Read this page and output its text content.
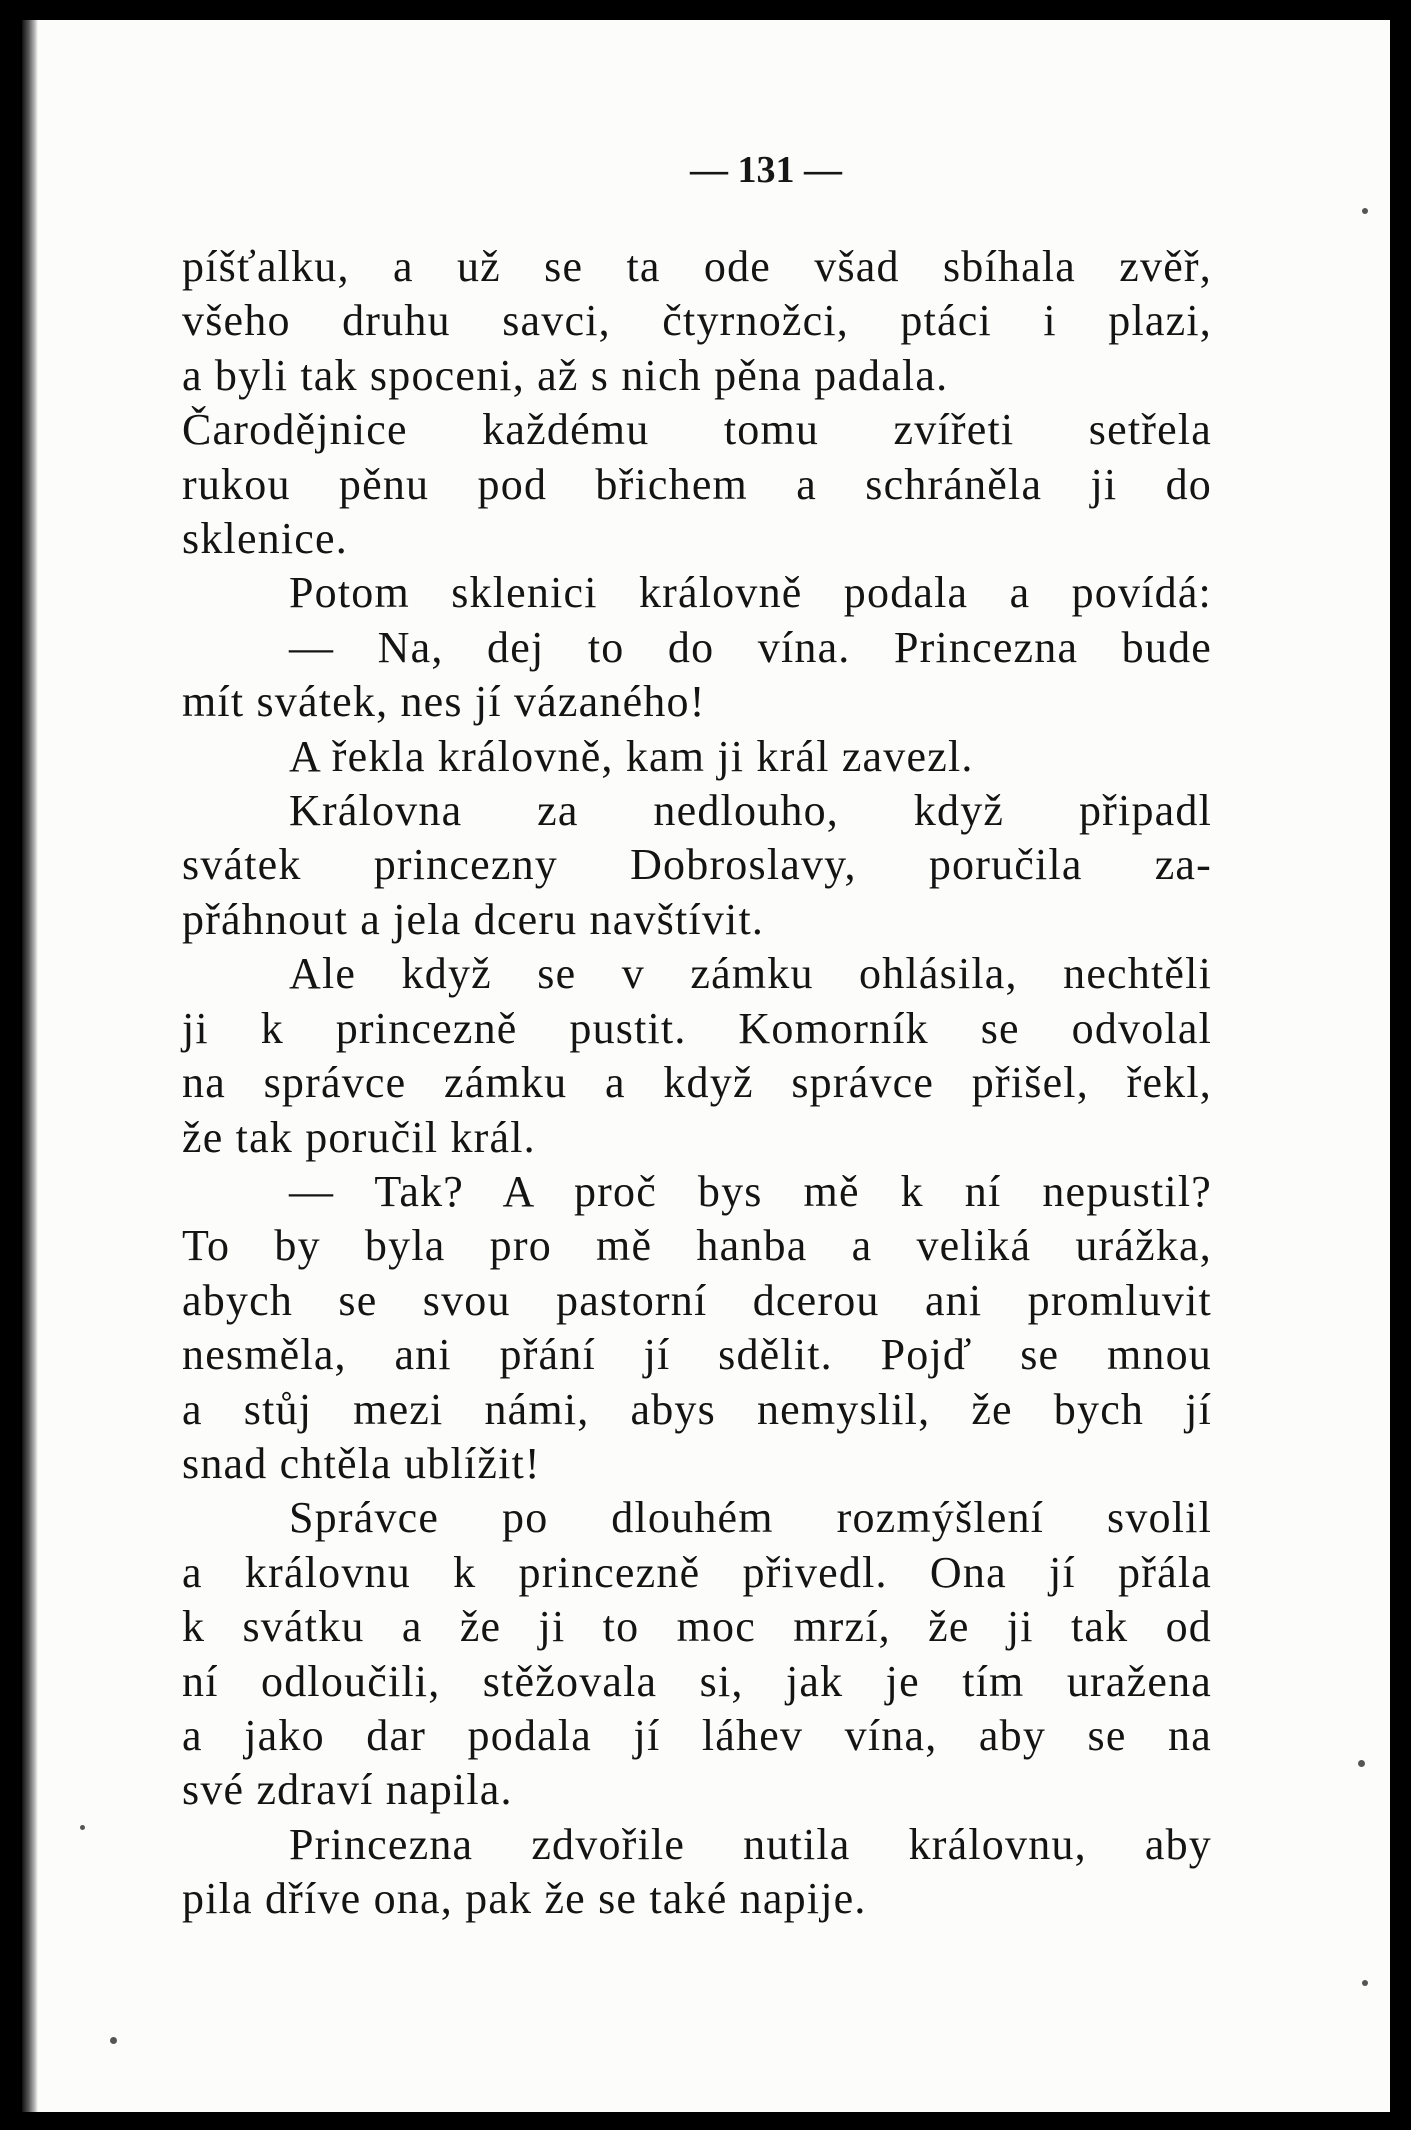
— 131 —
píšťalku, a už se ta ode všad sbíhala zvěř,
všeho druhu savci, čtyrnožci, ptáci i plazi,
a byli tak spoceni, až s nich pěna padala.
Čarodějnice každému tomu zvířeti setřela
rukou pěnu pod břichem a schráněla ji do
sklenice.
Potom sklenici královně podala a povídá:
— Na, dej to do vína. Princezna bude
mít svátek, nes jí vázaného!
A řekla královně, kam ji král zavezl.
Královna za nedlouho, když připadl
svátek princezny Dobroslavy, poručila za-
přáhnout a jela dceru navštívit.
Ale když se v zámku ohlásila, nechtěli
ji k princezně pustit. Komorník se odvolal
na správce zámku a když správce přišel, řekl,
že tak poručil král.
— Tak? A proč bys mě k ní nepustil?
To by byla pro mě hanba a veliká urážka,
abych se svou pastorní dcerou ani promluvit
nesměla, ani přání jí sdělit. Pojď se mnou
a stůj mezi námi, abys nemyslil, že bych jí
snad chtěla ublížit!
Správce po dlouhém rozmýšlení svolil
a královnu k princezně přivedl. Ona jí přála
k svátku a že ji to moc mrzí, že ji tak od
ní odloučili, stěžovala si, jak je tím uražena
a jako dar podala jí láhev vína, aby se na
své zdraví napila.
Princezna zdvořile nutila královnu, aby
pila dříve ona, pak že se také napije.
